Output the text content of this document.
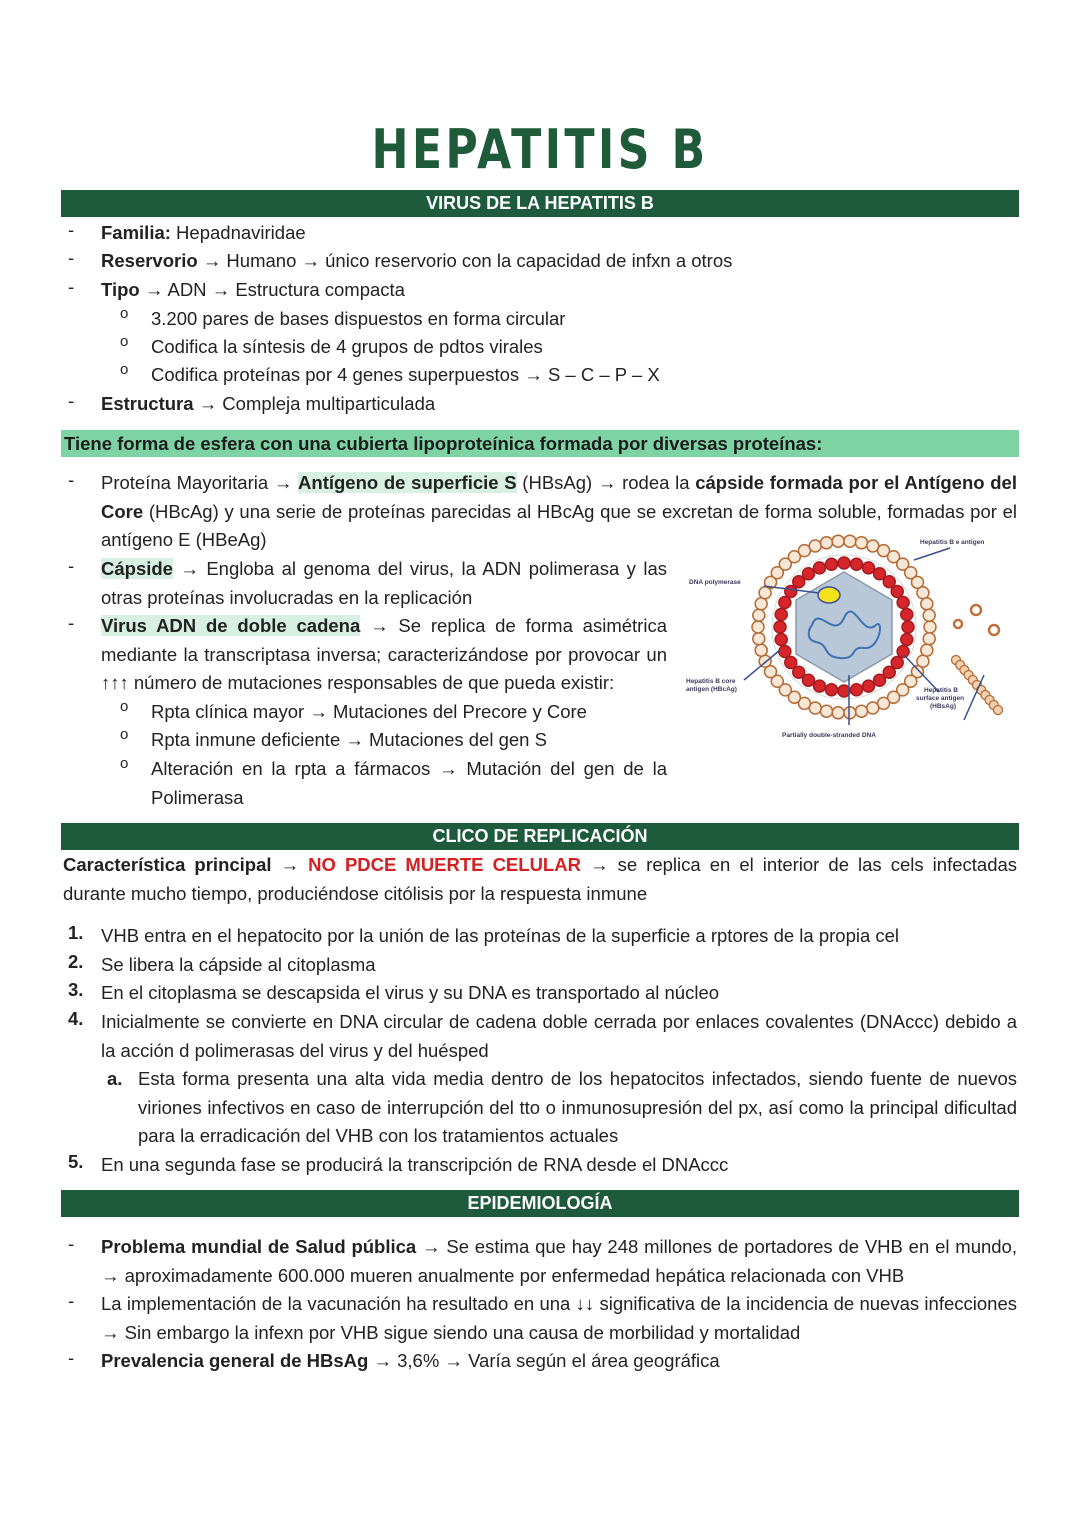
HEPATITIS B
VIRUS DE LA HEPATITIS B
- Familia: Hepadnaviridae
- Reservorio → Humano → único reservorio con la capacidad de infxn a otros
- Tipo → ADN → Estructura compacta
o 3.200 pares de bases dispuestos en forma circular
o Codifica la síntesis de 4 grupos de pdtos virales
o Codifica proteínas por 4 genes superpuestos → S – C – P – X
- Estructura → Compleja multiparticulada
Tiene forma de esfera con una cubierta lipoproteínica formada por diversas proteínas:
- Proteína Mayoritaria → Antígeno de superficie S (HBsAg) → rodea la cápside formada por el Antígeno del Core (HBcAg) y una serie de proteínas parecidas al HBcAg que se excretan de forma soluble, formadas por el antígeno E (HBeAg)
- Cápside → Engloba al genoma del virus, la ADN polimerasa y las otras proteínas involucradas en la replicación
- Virus ADN de doble cadena → Se replica de forma asimétrica mediante la transcriptasa inversa; caracterizándose por provocar un ↑↑↑ número de mutaciones responsables de que pueda existir:
o Rpta clínica mayor → Mutaciones del Precore y Core
o Rpta inmune deficiente → Mutaciones del gen S
o Alteración en la rpta a fármacos → Mutación del gen de la Polimerasa
Hepatitis B e antigen
DNA polymerase
Hepatitis B core antigen (HBcAg)	Hepatitis B surface antigen (HBsAg)
Partially double-stranded DNA
CLICO DE REPLICACIÓN
Característica principal → NO PDCE MUERTE CELULAR → se replica en el interior de las cels infectadas durante mucho tiempo, produciéndose citólisis por la respuesta inmune
1. VHB entra en el hepatocito por la unión de las proteínas de la superficie a rptores de la propia cel
2. Se libera la cápside al citoplasma
3. En el citoplasma se descapsida el virus y su DNA es transportado al núcleo
4. Inicialmente se convierte en DNA circular de cadena doble cerrada por enlaces covalentes (DNAccc) debido a la acción d polimerasas del virus y del huésped
a. Esta forma presenta una alta vida media dentro de los hepatocitos infectados, siendo fuente de nuevos viriones infectivos en caso de interrupción del tto o inmunosupresión del px, así como la principal dificultad para la erradicación del VHB con los tratamientos actuales
5. En una segunda fase se producirá la transcripción de RNA desde el DNAccc
EPIDEMIOLOGÍA
- Problema mundial de Salud pública → Se estima que hay 248 millones de portadores de VHB en el mundo, → aproximadamente 600.000 mueren anualmente por enfermedad hepática relacionada con VHB
- La implementación de la vacunación ha resultado en una ↓↓ significativa de la incidencia de nuevas infecciones → Sin embargo la infexn por VHB sigue siendo una causa de morbilidad y mortalidad
- Prevalencia general de HBsAg → 3,6% → Varía según el área geográfica
